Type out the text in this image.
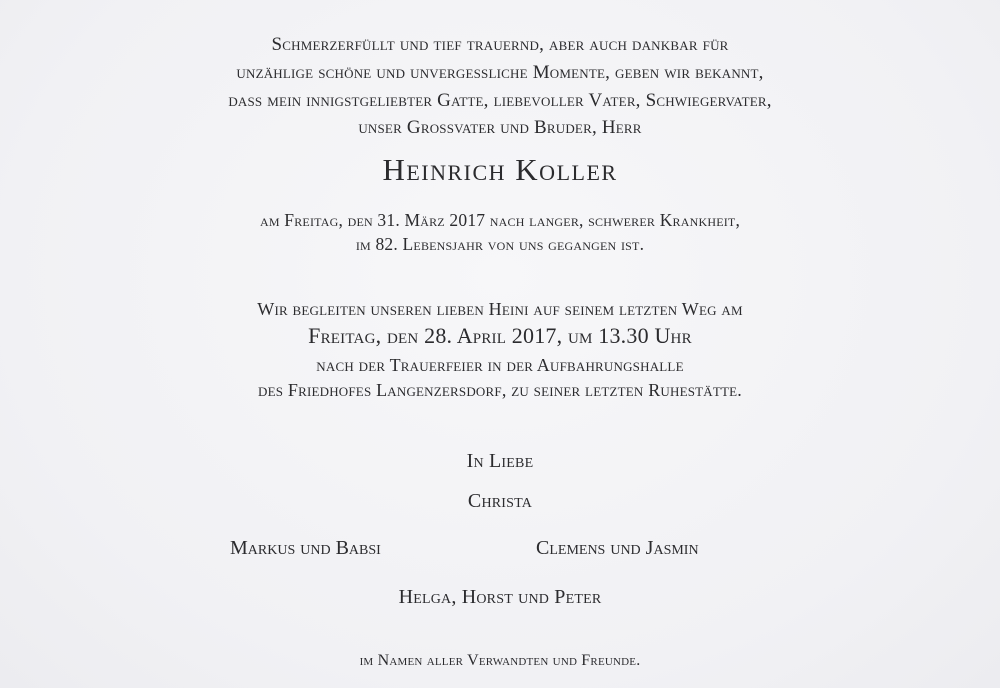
Schmerzerfüllt und tief trauernd, aber auch dankbar für
unzählige schöne und unvergessliche Momente, geben wir bekannt,
dass mein innigstgeliebter Gatte, liebevoller Vater, Schwiegervater,
unser Grossvater und Bruder, Herr
Heinrich Koller
am Freitag, den 31. März 2017 nach langer, schwerer Krankheit,
im 82. Lebensjahr von uns gegangen ist.
Wir begleiten unseren lieben Heini auf seinem letzten Weg am
Freitag, den 28. April 2017, um 13.30 Uhr
nach der Trauerfeier in der Aufbahrungshalle
des Friedhofes Langenzersdorf, zu seiner letzten Ruhestätte.
In Liebe
Christa
Markus und Babsi	Clemens und Jasmin
Helga, Horst und Peter
im Namen aller Verwandten und Freunde.
